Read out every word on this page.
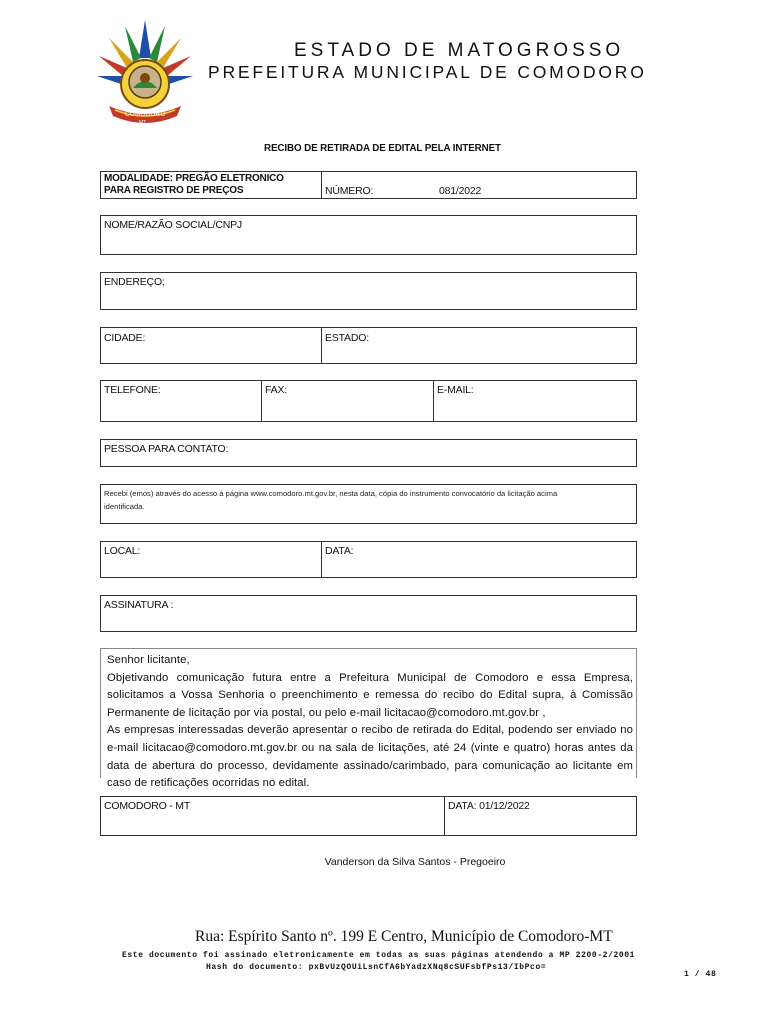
COMODORO
MT
ESTADO DE MATOGROSSO
PREFEITURA MUNICIPAL DE COMODORO
RECIBO DE RETIRADA DE EDITAL PELA INTERNET
MODALIDADE: PREGÃO ELETRONICO
PARA REGISTRO DE PREÇOS	NÚMERO:	081/2022
NOME/RAZÃO SOCIAL/CNPJ
ENDEREÇO;
CIDADE:	ESTADO:
TELEFONE:	FAX:	E-MAIL:
PESSOA PARA CONTATO:
Recebi (emos) através do acesso à página www.comodoro.mt.gov.br, nesta data, cópia do instrumento convocatório da licitação acima
identificada.
LOCAL:	DATA:
ASSINATURA :
Senhor licitante,
Objetivando comunicação futura entre a Prefeitura Municipal de Comodoro e essa Empresa, solicitamos a Vossa Senhoria o preenchimento e remessa do recibo do Edital supra, à Comissão Permanente de licitação por via postal, ou pelo e-mail licitacao@comodoro.mt.gov.br ,
As empresas interessadas deverão apresentar o recibo de retirada do Edital, podendo ser enviado no e-mail licitacao@comodoro.mt.gov.br ou na sala de licitações, até 24 (vinte e quatro) horas antes da data de abertura do processo, devidamente assinado/carimbado, para comunicação ao licitante em caso de retificações ocorridas no edital.
COMODORO - MT	DATA: 01/12/2022
Vanderson da Silva Santos - Pregoeiro
Rua: Espírito Santo nº. 199 E Centro, Município de Comodoro-MT
Este documento foi assinado eletronicamente em todas as suas páginas atendendo a MP 2200-2/2001
Hash do documento: pxBvUzQOUiLsnCfA6bYadzXNq8cSUFsbfPs13/IbPco=
1 / 48
